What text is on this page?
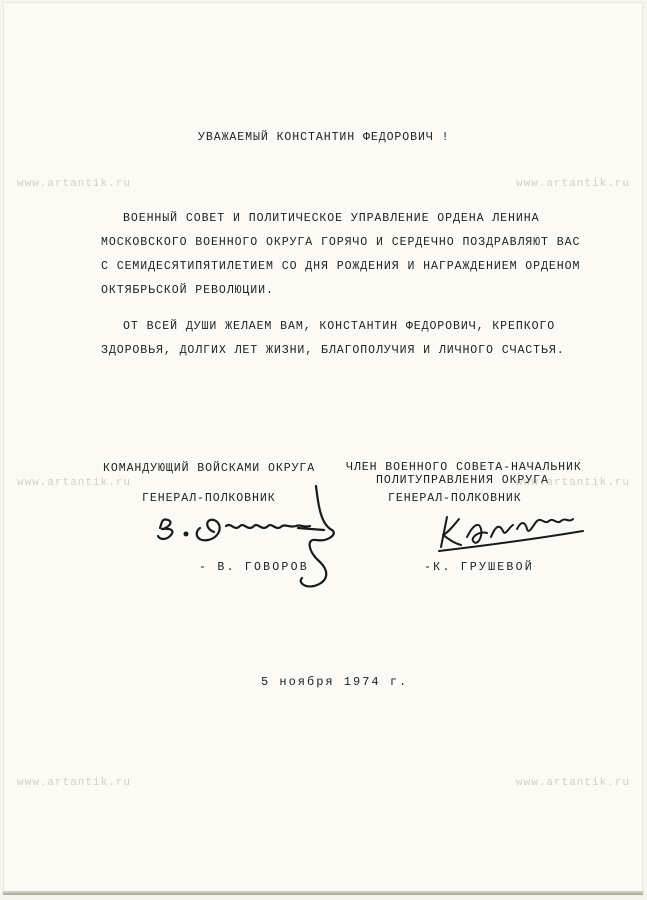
www.artantik.ru	www.artantik.ru
www.artantik.ru	www.artantik.ru
www.artantik.ru	www.artantik.ru
УВАЖАЕМЫЙ КОНСТАНТИН ФЕДОРОВИЧ !
ВОЕННЫЙ СОВЕТ И ПОЛИТИЧЕСКОЕ УПРАВЛЕНИЕ ОРДЕНА ЛЕНИНА
МОСКОВСКОГО ВОЕННОГО ОКРУГА ГОРЯЧО И СЕРДЕЧНО ПОЗДРАВЛЯЮТ ВАС
С СЕМИДЕСЯТИПЯТИЛЕТИЕМ СО ДНЯ РОЖДЕНИЯ И НАГРАЖДЕНИЕМ ОРДЕНОМ
ОКТЯБРЬСКОЙ РЕВОЛЮЦИИ.
ОТ ВСЕЙ ДУШИ ЖЕЛАЕМ ВАМ, КОНСТАНТИН ФЕДОРОВИЧ, КРЕПКОГО
ЗДОРОВЬЯ, ДОЛГИХ ЛЕТ ЖИЗНИ, БЛАГОПОЛУЧИЯ И ЛИЧНОГО СЧАСТЬЯ.
КОМАНДУЮЩИЙ ВОЙСКАМИ ОКРУГА
ГЕНЕРАЛ-ПОЛКОВНИК
- В. ГОВОРОВ
ЧЛЕН ВОЕННОГО СОВЕТА-НАЧАЛЬНИК
ПОЛИТУПРАВЛЕНИЯ ОКРУГА
ГЕНЕРАЛ-ПОЛКОВНИК
-К. ГРУШЕВОЙ
5 ноября 1974 г.
